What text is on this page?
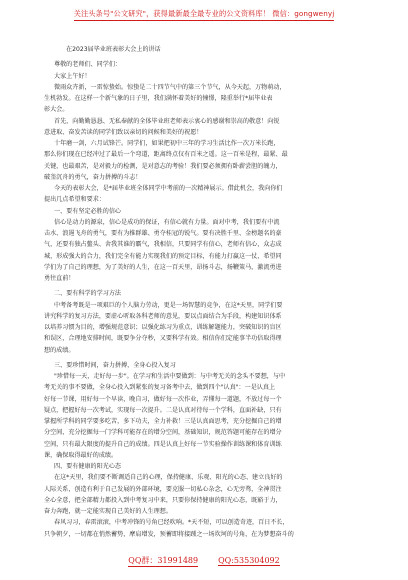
关注头条号"公文研究"，获得最新最全最专业的公文资料库！ 微信：gongwenyj
在2023届毕业班表彰大会上的讲话
尊敬的老师们、同学们：
大家上午好！
微雨众卉新，一雷惊蛰始。惊蛰是二十四节气中的第三个节气，从今天起，万物萌动，
生机勃发。在这样一个新气象的日子里，我们满怀着美好的憧憬，隆重举行*届毕业表
彰大会。
首先，向勤勤恳恳、无私奉献的全体毕业班老师表示衷心的感谢和崇高的敬意！向锐
意进取、奋发苦读的同学们致以亲切的问候和美好的祝愿！
十年磨一剑，六月试锋芒。同学们，如果把初中三年的学习生活比作一次万米长跑，
那么你们现在已经冲过了最后一个弯道，距离终点仅有百米之遥。这一百米是程，最紧、最
关键，也最艰苦，是对毅力的检测，是对意志的考验！我们要必须拥有卧薪尝胆的魄力，
破釜沉舟的勇气，奋力拼搏的斗志！
今天的表彰大会，是*届毕业班全体同学中考前的一次精神展示。借此机会，我向你们
提出几点希望和要求：
一、要有坚定必胜的信心
信心是动力的源泉，信心是成功的保证，有信心就有力量。面对中考，我们要有中流
击水、浪遏飞舟的勇气，要有为推群雄、勇夺桂冠的锐气。要有决胜千里、金榜题名的豪
气，还要有独占鳌头、舍我其谁的霸气，我相信，只要同学有信心，老师有信心，众志成
城，形成强大的合力，我们完全有能力实现我们的预定目标，有能力打赢这一仗，希望同
学们为了自己的理想，为了美好的人生，在这一百天里，昂扬斗志，扬鞭策马，激流勇进
勇往直前！
二、要有科学的学习方法
中考备考既是一项艰巨的个人脑力劳动，更是一场智慧的竞争，在这*天里，同学们要
讲究科学的复习方法，要虚心听取各科老师的意见，要以点面结合为手段，构建知识体系
以培养习惯为目的，增强规范意识；以强化练习为重点，训练解题能力，突破知识的盲区
和误区，合理地安排时间，既要争分夺秒，又要科学有效。相信你们定能事半功倍取得理
想的成绩。
三、要珍惜时间，奋力拼搏，全身心投入复习
"珍惜每一天，走好每一步"。在学习和生活中要做到：与中考无关的念头不要想，与中
考无关的事不要做，全身心投入到紧张的复习备考中去，做到四个"认真"：一是认真上
好每一节课，用好每一个早读，晚自习，做好每一次作业，弄懂每一道题，不放过每一个
疑点，把握好每一次考试，实现每一次提升。二是认真对待每一个学科，直面补缺，只有
掌握所学科的同学要多吃苦，多下功夫，全力补救！三是认真面思考，充分挖掘自己的增
分空间，充分挖掘每一门学科可能存在的增分空间，基础知识，规范答题可能存在的增分
空间，只有最大限度的提升自己的成绩。四是认真上好每一节实验操作训练课和体育训练
课，确保取得最好的成绩。
四、要有健康的阳光心态
在这*天里，我们要不断调适自己的心理，保持健康、乐观、阳光的心态、建立良好的
人际关系，创造有利于自己发展的外部环境，要克服一切私心杂念，心无旁骛，全神贯注
全心全意，把全部精力都投入到中考复习中来，只要你保持健康的阳光心态，既豁于力，
奋力奔跑，就一定能实现自己美好的人生理想。
春风习习，春雷滚滚，中考冲锋的号角已经吹响。*天不短，可以创造奇迹，百日不长，
只争朝夕，一切都在悄然蓄势，摩肩增发，预蓄即将接踵之一场坎坷的号角，在为梦想奋斗的
QQ群：31991489	QQ:535304092
